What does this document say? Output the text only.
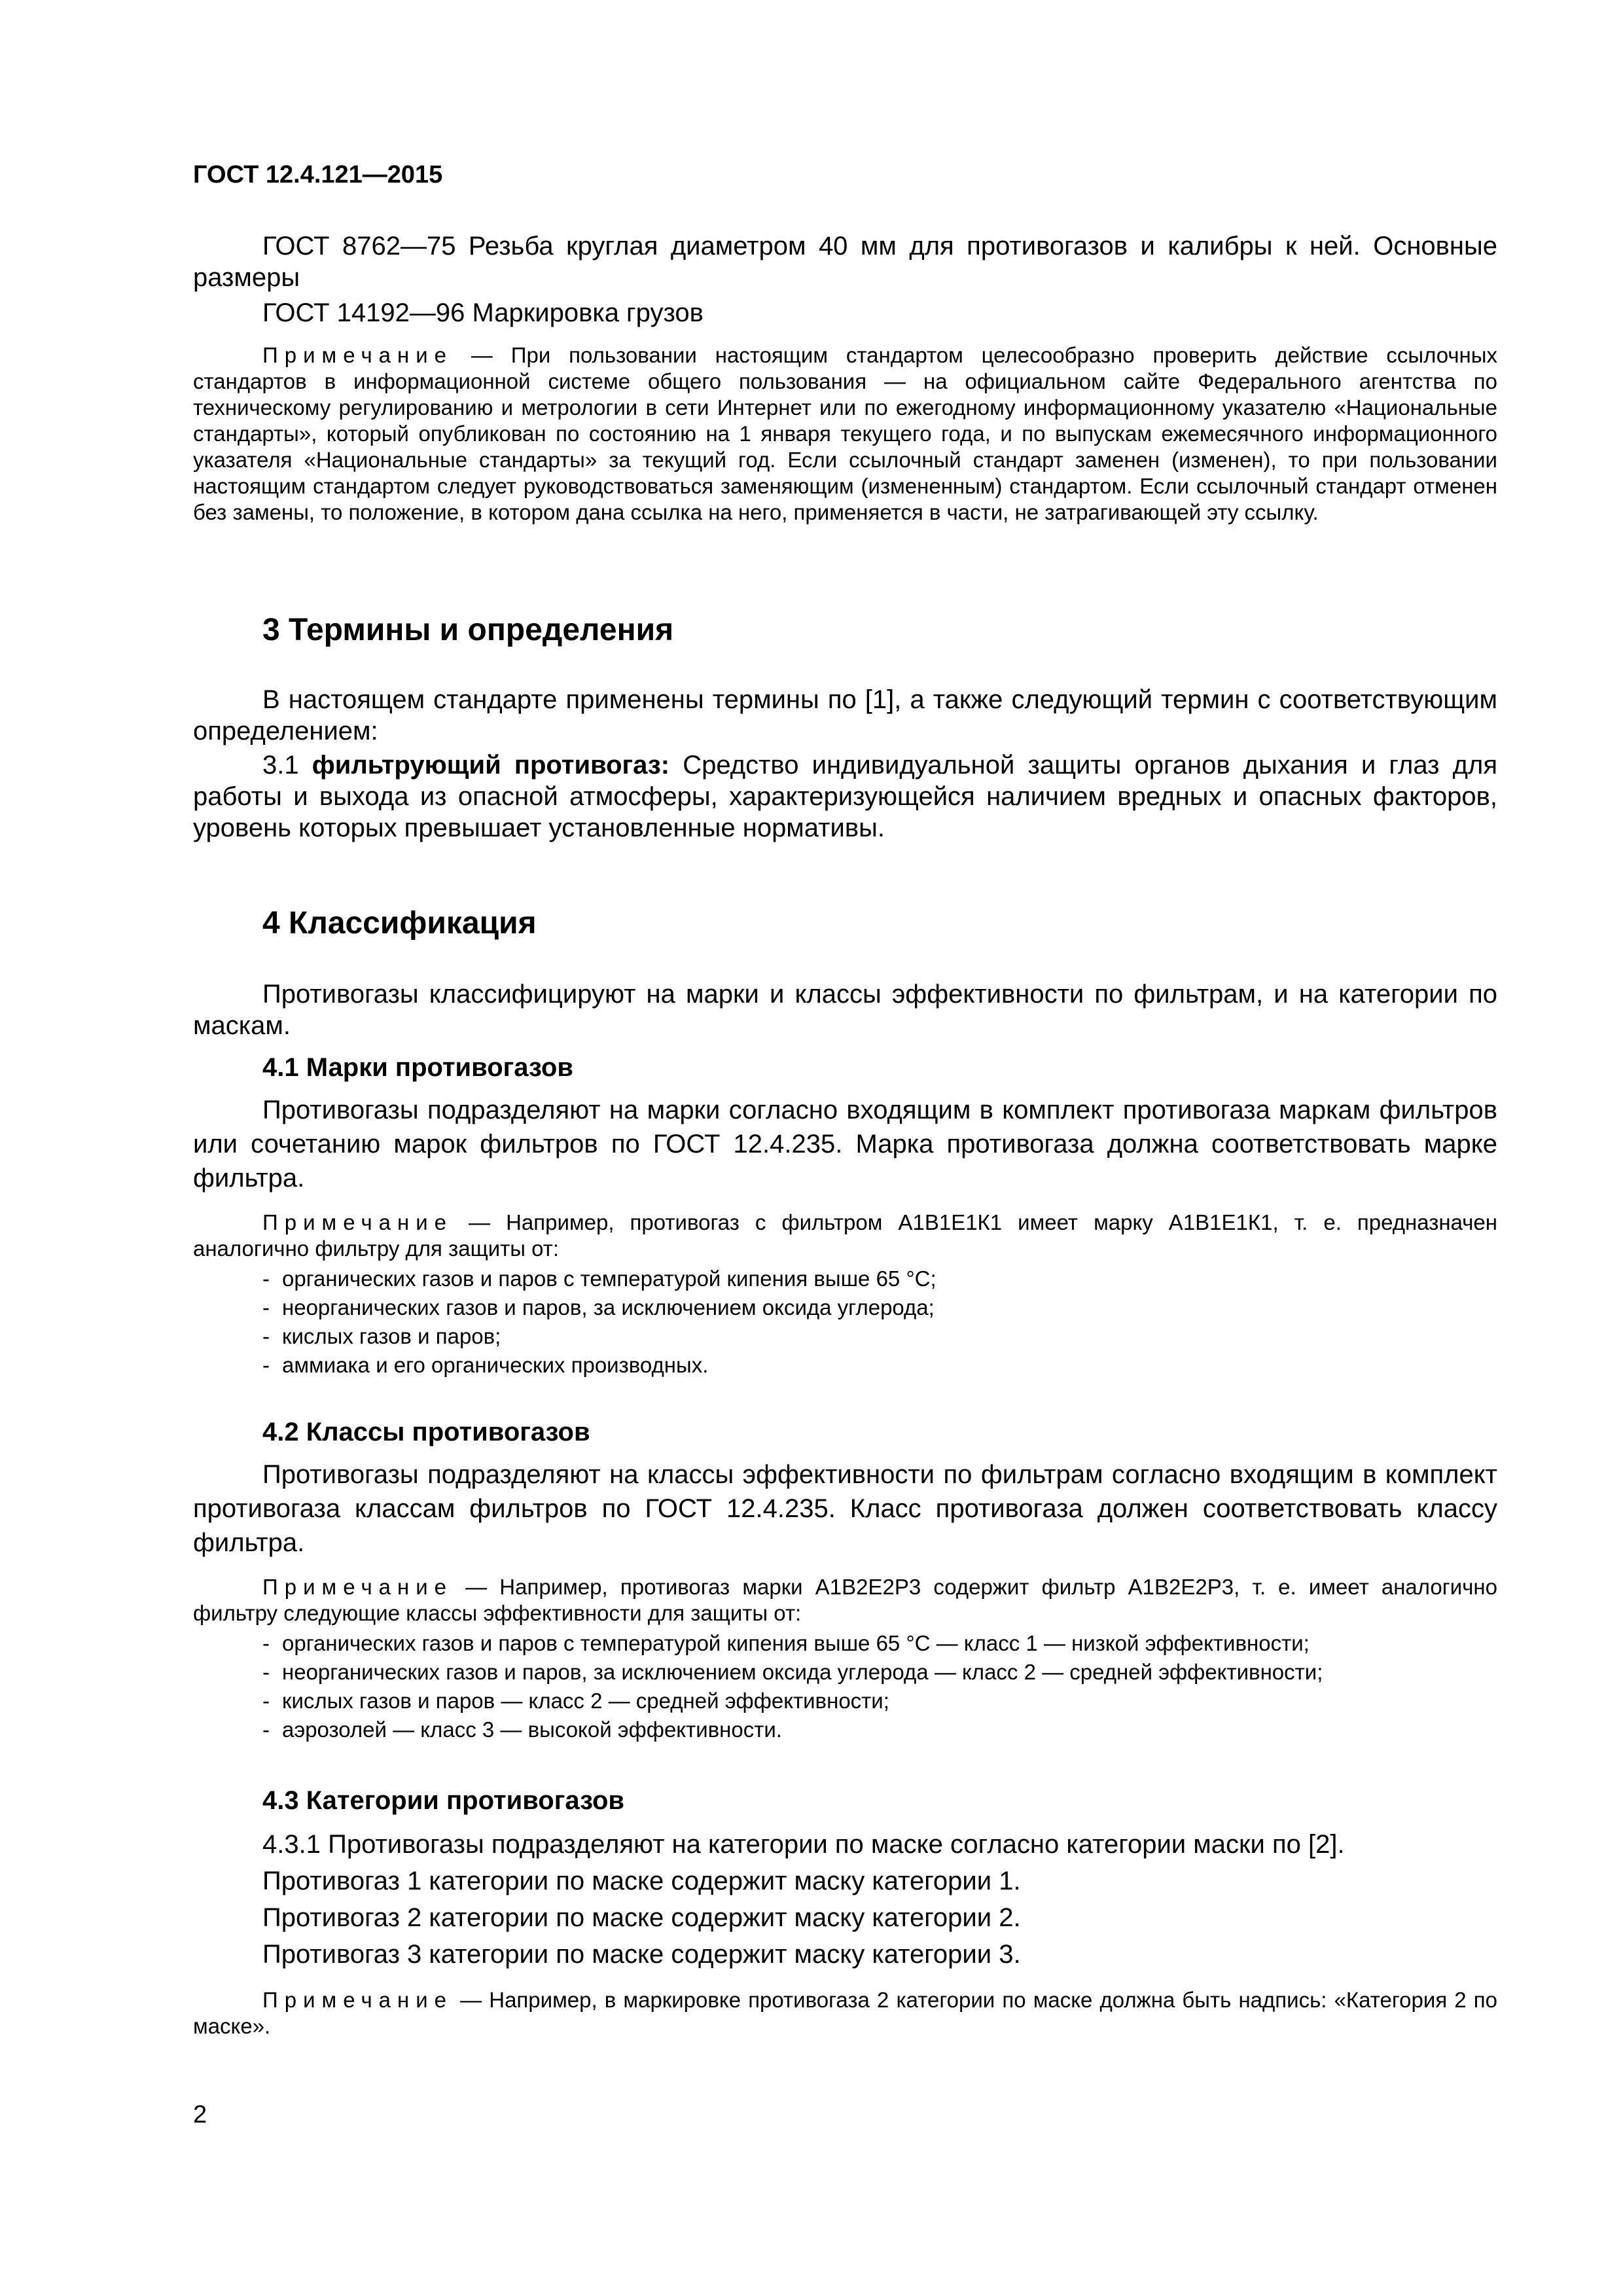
ГОСТ 12.4.121—2015

ГОСТ 8762—75 Резьба круглая диаметром 40 мм для противогазов и калибры к ней. Основные размеры

ГОСТ 14192—96 Маркировка грузов

Примечание — При пользовании настоящим стандартом целесообразно проверить действие ссылочных стандартов в информационной системе общего пользования — на официальном сайте Федерального агентства по техническому регулированию и метрологии в сети Интернет или по ежегодному информационному указателю «Национальные стандарты», который опубликован по состоянию на 1 января текущего года, и по выпускам ежемесячного информационного указателя «Национальные стандарты» за текущий год. Если ссылочный стандарт заменен (изменен), то при пользовании настоящим стандартом следует руководствоваться заменяющим (измененным) стандартом. Если ссылочный стандарт отменен без замены, то положение, в котором дана ссылка на него, применяется в части, не затрагивающей эту ссылку.

3 Термины и определения

В настоящем стандарте применены термины по [1], а также следующий термин с соответствующим определением:

3.1 фильтрующий противогаз: Средство индивидуальной защиты органов дыхания и глаз для работы и выхода из опасной атмосферы, характеризующейся наличием вредных и опасных факторов, уровень которых превышает установленные нормативы.

4 Классификация

Противогазы классифицируют на марки и классы эффективности по фильтрам, и на категории по маскам.

4.1 Марки противогазов

Противогазы подразделяют на марки согласно входящим в комплект противогаза маркам фильтров или сочетанию марок фильтров по ГОСТ 12.4.235. Марка противогаза должна соответствовать марке фильтра.

Примечание — Например, противогаз с фильтром А1В1Е1К1 имеет марку А1В1Е1К1, т. е. предназначен аналогично фильтру для защиты от:

- органических газов и паров с температурой кипения выше 65 °С;
- неорганических газов и паров, за исключением оксида углерода;
- кислых газов и паров;
- аммиака и его органических производных.
4.2 Классы противогазов

Противогазы подразделяют на классы эффективности по фильтрам согласно входящим в комплект противогаза классам фильтров по ГОСТ 12.4.235. Класс противогаза должен соответствовать классу фильтра.

Примечание — Например, противогаз марки А1В2Е2Р3 содержит фильтр А1В2Е2Р3, т. е. имеет аналогично фильтру следующие классы эффективности для защиты от:

- органических газов и паров с температурой кипения выше 65 °С — класс 1 — низкой эффективности;
- неорганических газов и паров, за исключением оксида углерода — класс 2 — средней эффективности;
- кислых газов и паров — класс 2 — средней эффективности;
- аэрозолей — класс 3 — высокой эффективности.
4.3 Категории противогазов

4.3.1 Противогазы подразделяют на категории по маске согласно категории маски по [2].

Противогаз 1 категории по маске содержит маску категории 1.

Противогаз 2 категории по маске содержит маску категории 2.

Противогаз 3 категории по маске содержит маску категории 3.

Примечание — Например, в маркировке противогаза 2 категории по маске должна быть надпись: «Категория 2 по маске».

2
